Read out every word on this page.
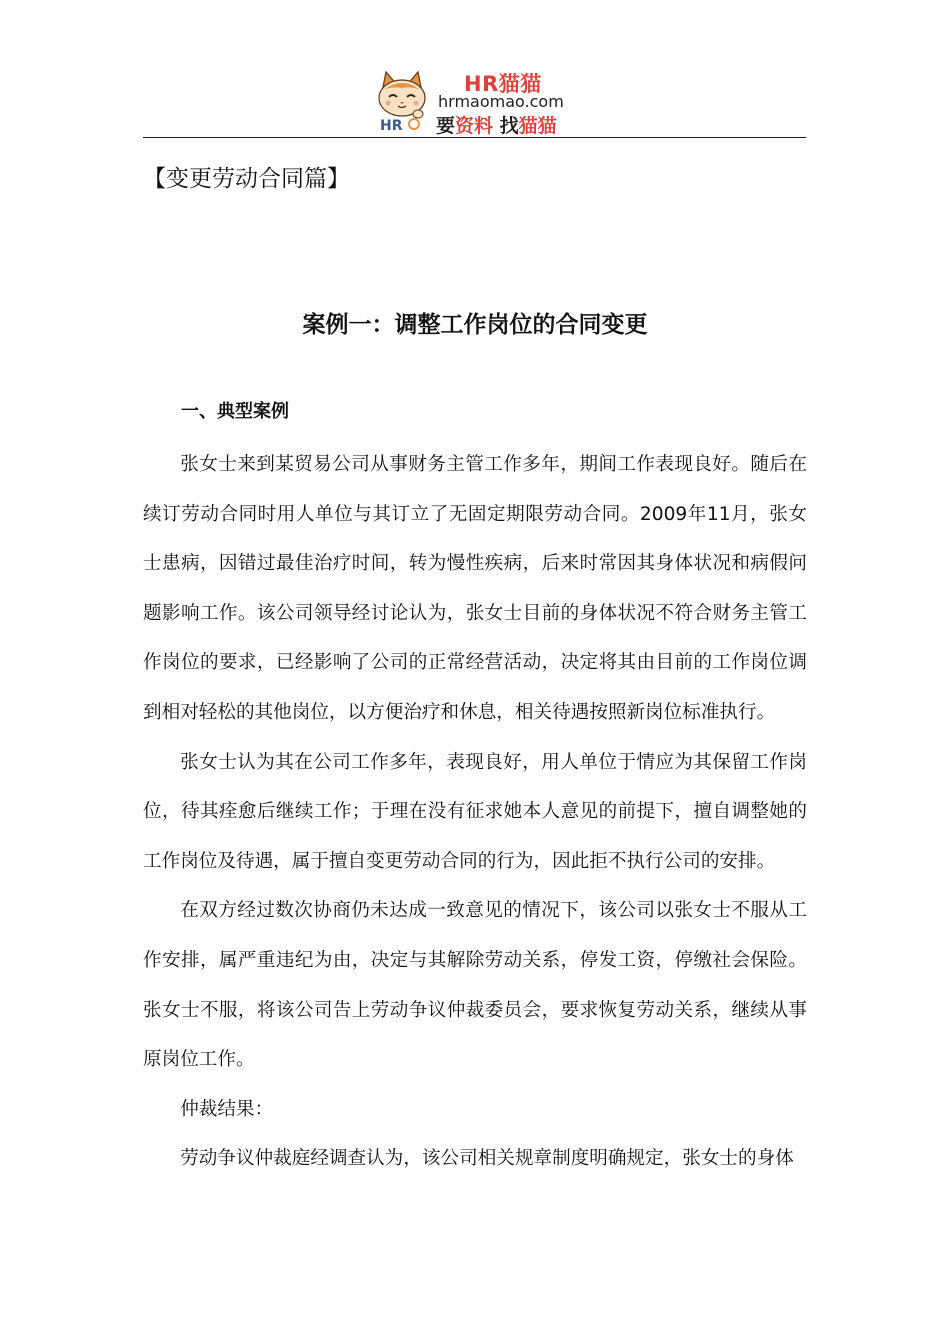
HR
HR猫猫
hrmaomao.com
要资料 找猫猫
【变更劳动合同篇】
案例一：调整工作岗位的合同变更
一、典型案例

张女士来到某贸易公司从事财务主管工作多年，期间工作表现良好。随后在续订劳动合同时用人单位与其订立了无固定期限劳动合同。2009年11月，张女士患病，因错过最佳治疗时间，转为慢性疾病，后来时常因其身体状况和病假问题影响工作。该公司领导经讨论认为，张女士目前的身体状况不符合财务主管工作岗位的要求，已经影响了公司的正常经营活动，决定将其由目前的工作岗位调到相对轻松的其他岗位，以方便治疗和休息，相关待遇按照新岗位标准执行。

张女士认为其在公司工作多年，表现良好，用人单位于情应为其保留工作岗位，待其痊愈后继续工作；于理在没有征求她本人意见的前提下，擅自调整她的工作岗位及待遇，属于擅自变更劳动合同的行为，因此拒不执行公司的安排。

在双方经过数次协商仍未达成一致意见的情况下，该公司以张女士不服从工作安排，属严重违纪为由，决定与其解除劳动关系，停发工资，停缴社会保险。张女士不服，将该公司告上劳动争议仲裁委员会，要求恢复劳动关系，继续从事原岗位工作。

仲裁结果：

劳动争议仲裁庭经调查认为，该公司相关规章制度明确规定，张女士的身体
